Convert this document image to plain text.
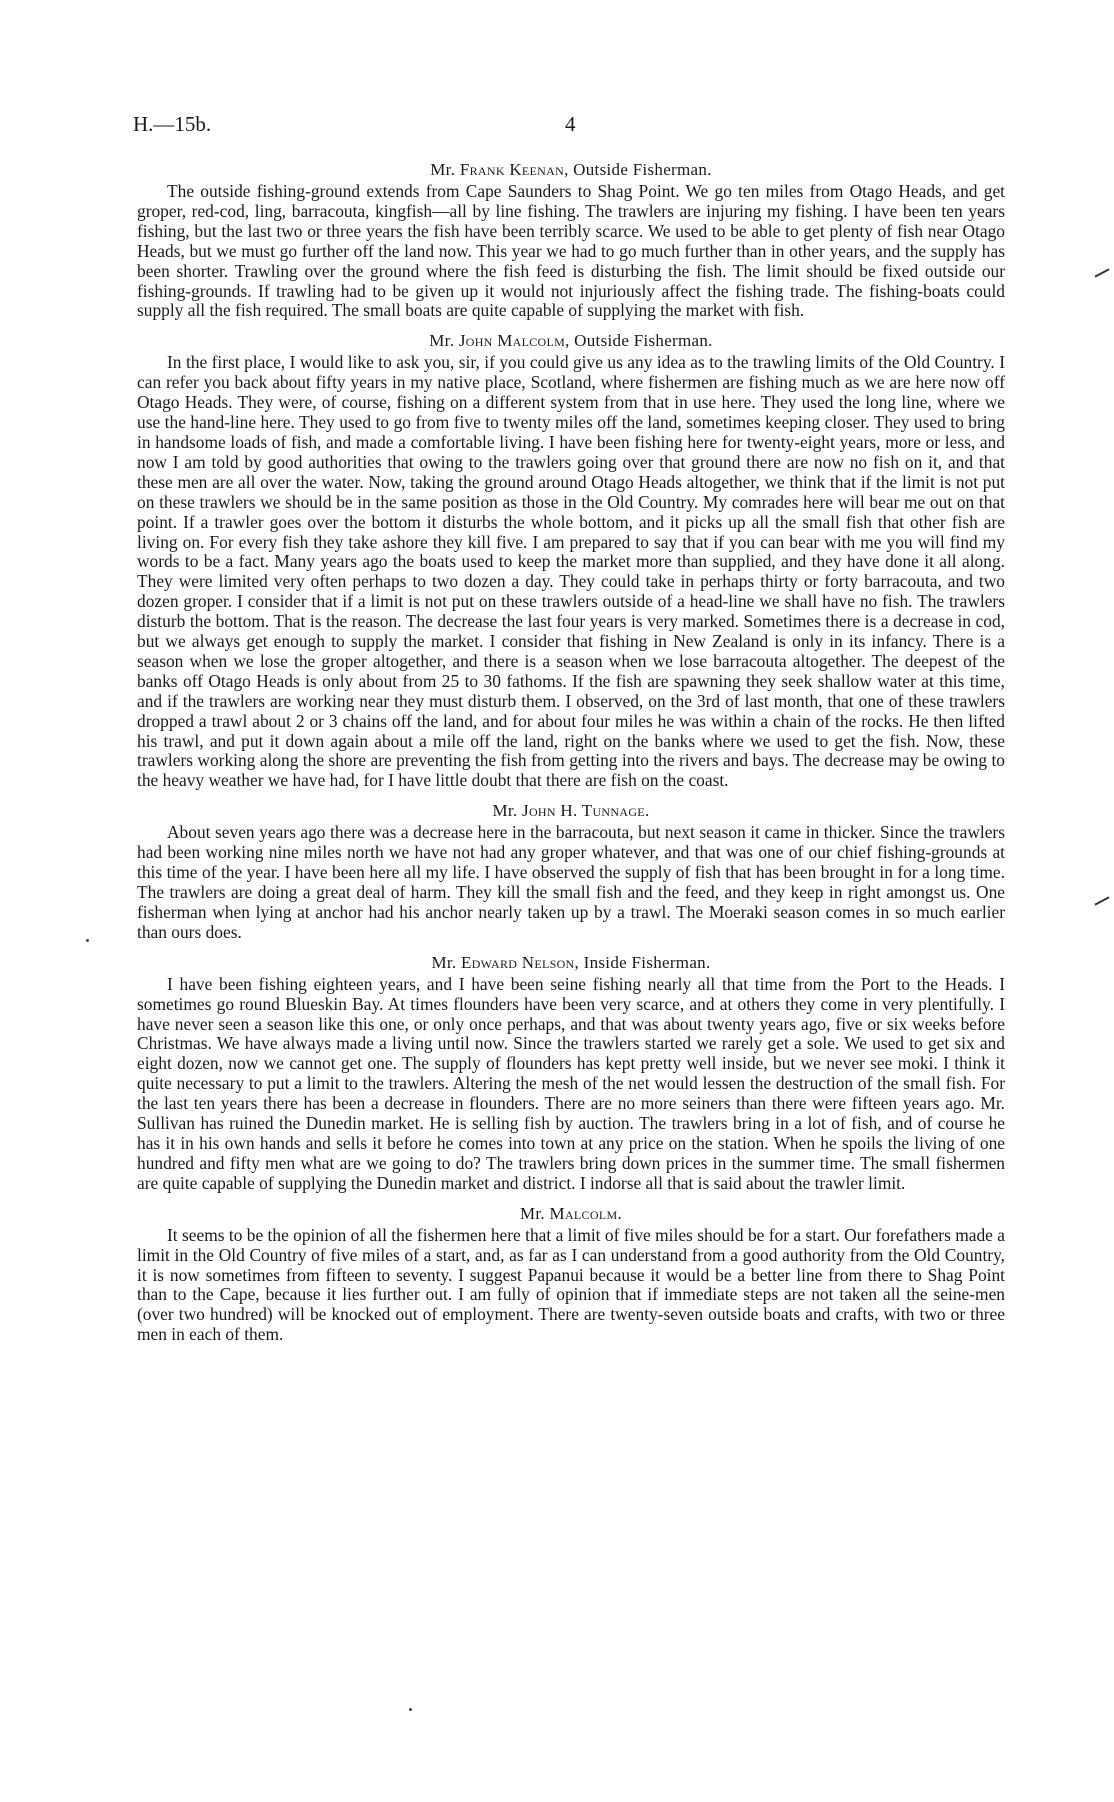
H.—15b.	4
Mr. Frank Keenan, Outside Fisherman.

The outside fishing-ground extends from Cape Saunders to Shag Point. We go ten miles from Otago Heads, and get groper, red-cod, ling, barracouta, kingfish—all by line fishing. The trawlers are injuring my fishing. I have been ten years fishing, but the last two or three years the fish have been terribly scarce. We used to be able to get plenty of fish near Otago Heads, but we must go further off the land now. This year we had to go much further than in other years, and the supply has been shorter. Trawling over the ground where the fish feed is disturbing the fish. The limit should be fixed outside our fishing-grounds. If trawling had to be given up it would not injuriously affect the fishing trade. The fishing-boats could supply all the fish required. The small boats are quite capable of supplying the market with fish.

Mr. John Malcolm, Outside Fisherman.

In the first place, I would like to ask you, sir, if you could give us any idea as to the trawling limits of the Old Country. I can refer you back about fifty years in my native place, Scotland, where fishermen are fishing much as we are here now off Otago Heads. They were, of course, fishing on a different system from that in use here. They used the long line, where we use the hand-line here. They used to go from five to twenty miles off the land, sometimes keeping closer. They used to bring in handsome loads of fish, and made a comfortable living. I have been fishing here for twenty-eight years, more or less, and now I am told by good authorities that owing to the trawlers going over that ground there are now no fish on it, and that these men are all over the water. Now, taking the ground around Otago Heads altogether, we think that if the limit is not put on these trawlers we should be in the same position as those in the Old Country. My comrades here will bear me out on that point. If a trawler goes over the bottom it disturbs the whole bottom, and it picks up all the small fish that other fish are living on. For every fish they take ashore they kill five. I am prepared to say that if you can bear with me you will find my words to be a fact. Many years ago the boats used to keep the market more than supplied, and they have done it all along. They were limited very often perhaps to two dozen a day. They could take in perhaps thirty or forty barracouta, and two dozen groper. I consider that if a limit is not put on these trawlers outside of a head-line we shall have no fish. The trawlers disturb the bottom. That is the reason. The decrease the last four years is very marked. Sometimes there is a decrease in cod, but we always get enough to supply the market. I consider that fishing in New Zealand is only in its infancy. There is a season when we lose the groper altogether, and there is a season when we lose barracouta altogether. The deepest of the banks off Otago Heads is only about from 25 to 30 fathoms. If the fish are spawning they seek shallow water at this time, and if the trawlers are working near they must disturb them. I observed, on the 3rd of last month, that one of these trawlers dropped a trawl about 2 or 3 chains off the land, and for about four miles he was within a chain of the rocks. He then lifted his trawl, and put it down again about a mile off the land, right on the banks where we used to get the fish. Now, these trawlers working along the shore are preventing the fish from getting into the rivers and bays. The decrease may be owing to the heavy weather we have had, for I have little doubt that there are fish on the coast.

Mr. John H. Tunnage.

About seven years ago there was a decrease here in the barracouta, but next season it came in thicker. Since the trawlers had been working nine miles north we have not had any groper whatever, and that was one of our chief fishing-grounds at this time of the year. I have been here all my life. I have observed the supply of fish that has been brought in for a long time. The trawlers are doing a great deal of harm. They kill the small fish and the feed, and they keep in right amongst us. One fisherman when lying at anchor had his anchor nearly taken up by a trawl. The Moeraki season comes in so much earlier than ours does.

Mr. Edward Nelson, Inside Fisherman.

I have been fishing eighteen years, and I have been seine fishing nearly all that time from the Port to the Heads. I sometimes go round Blueskin Bay. At times flounders have been very scarce, and at others they come in very plentifully. I have never seen a season like this one, or only once perhaps, and that was about twenty years ago, five or six weeks before Christmas. We have always made a living until now. Since the trawlers started we rarely get a sole. We used to get six and eight dozen, now we cannot get one. The supply of flounders has kept pretty well inside, but we never see moki. I think it quite necessary to put a limit to the trawlers. Altering the mesh of the net would lessen the destruction of the small fish. For the last ten years there has been a decrease in flounders. There are no more seiners than there were fifteen years ago. Mr. Sullivan has ruined the Dunedin market. He is selling fish by auction. The trawlers bring in a lot of fish, and of course he has it in his own hands and sells it before he comes into town at any price on the station. When he spoils the living of one hundred and fifty men what are we going to do? The trawlers bring down prices in the summer time. The small fishermen are quite capable of supplying the Dunedin market and district. I indorse all that is said about the trawler limit.

Mr. Malcolm.

It seems to be the opinion of all the fishermen here that a limit of five miles should be for a start. Our forefathers made a limit in the Old Country of five miles of a start, and, as far as I can understand from a good authority from the Old Country, it is now sometimes from fifteen to seventy. I suggest Papanui because it would be a better line from there to Shag Point than to the Cape, because it lies further out. I am fully of opinion that if immediate steps are not taken all the seine-men (over two hundred) will be knocked out of employment. There are twenty-seven outside boats and crafts, with two or three men in each of them.
